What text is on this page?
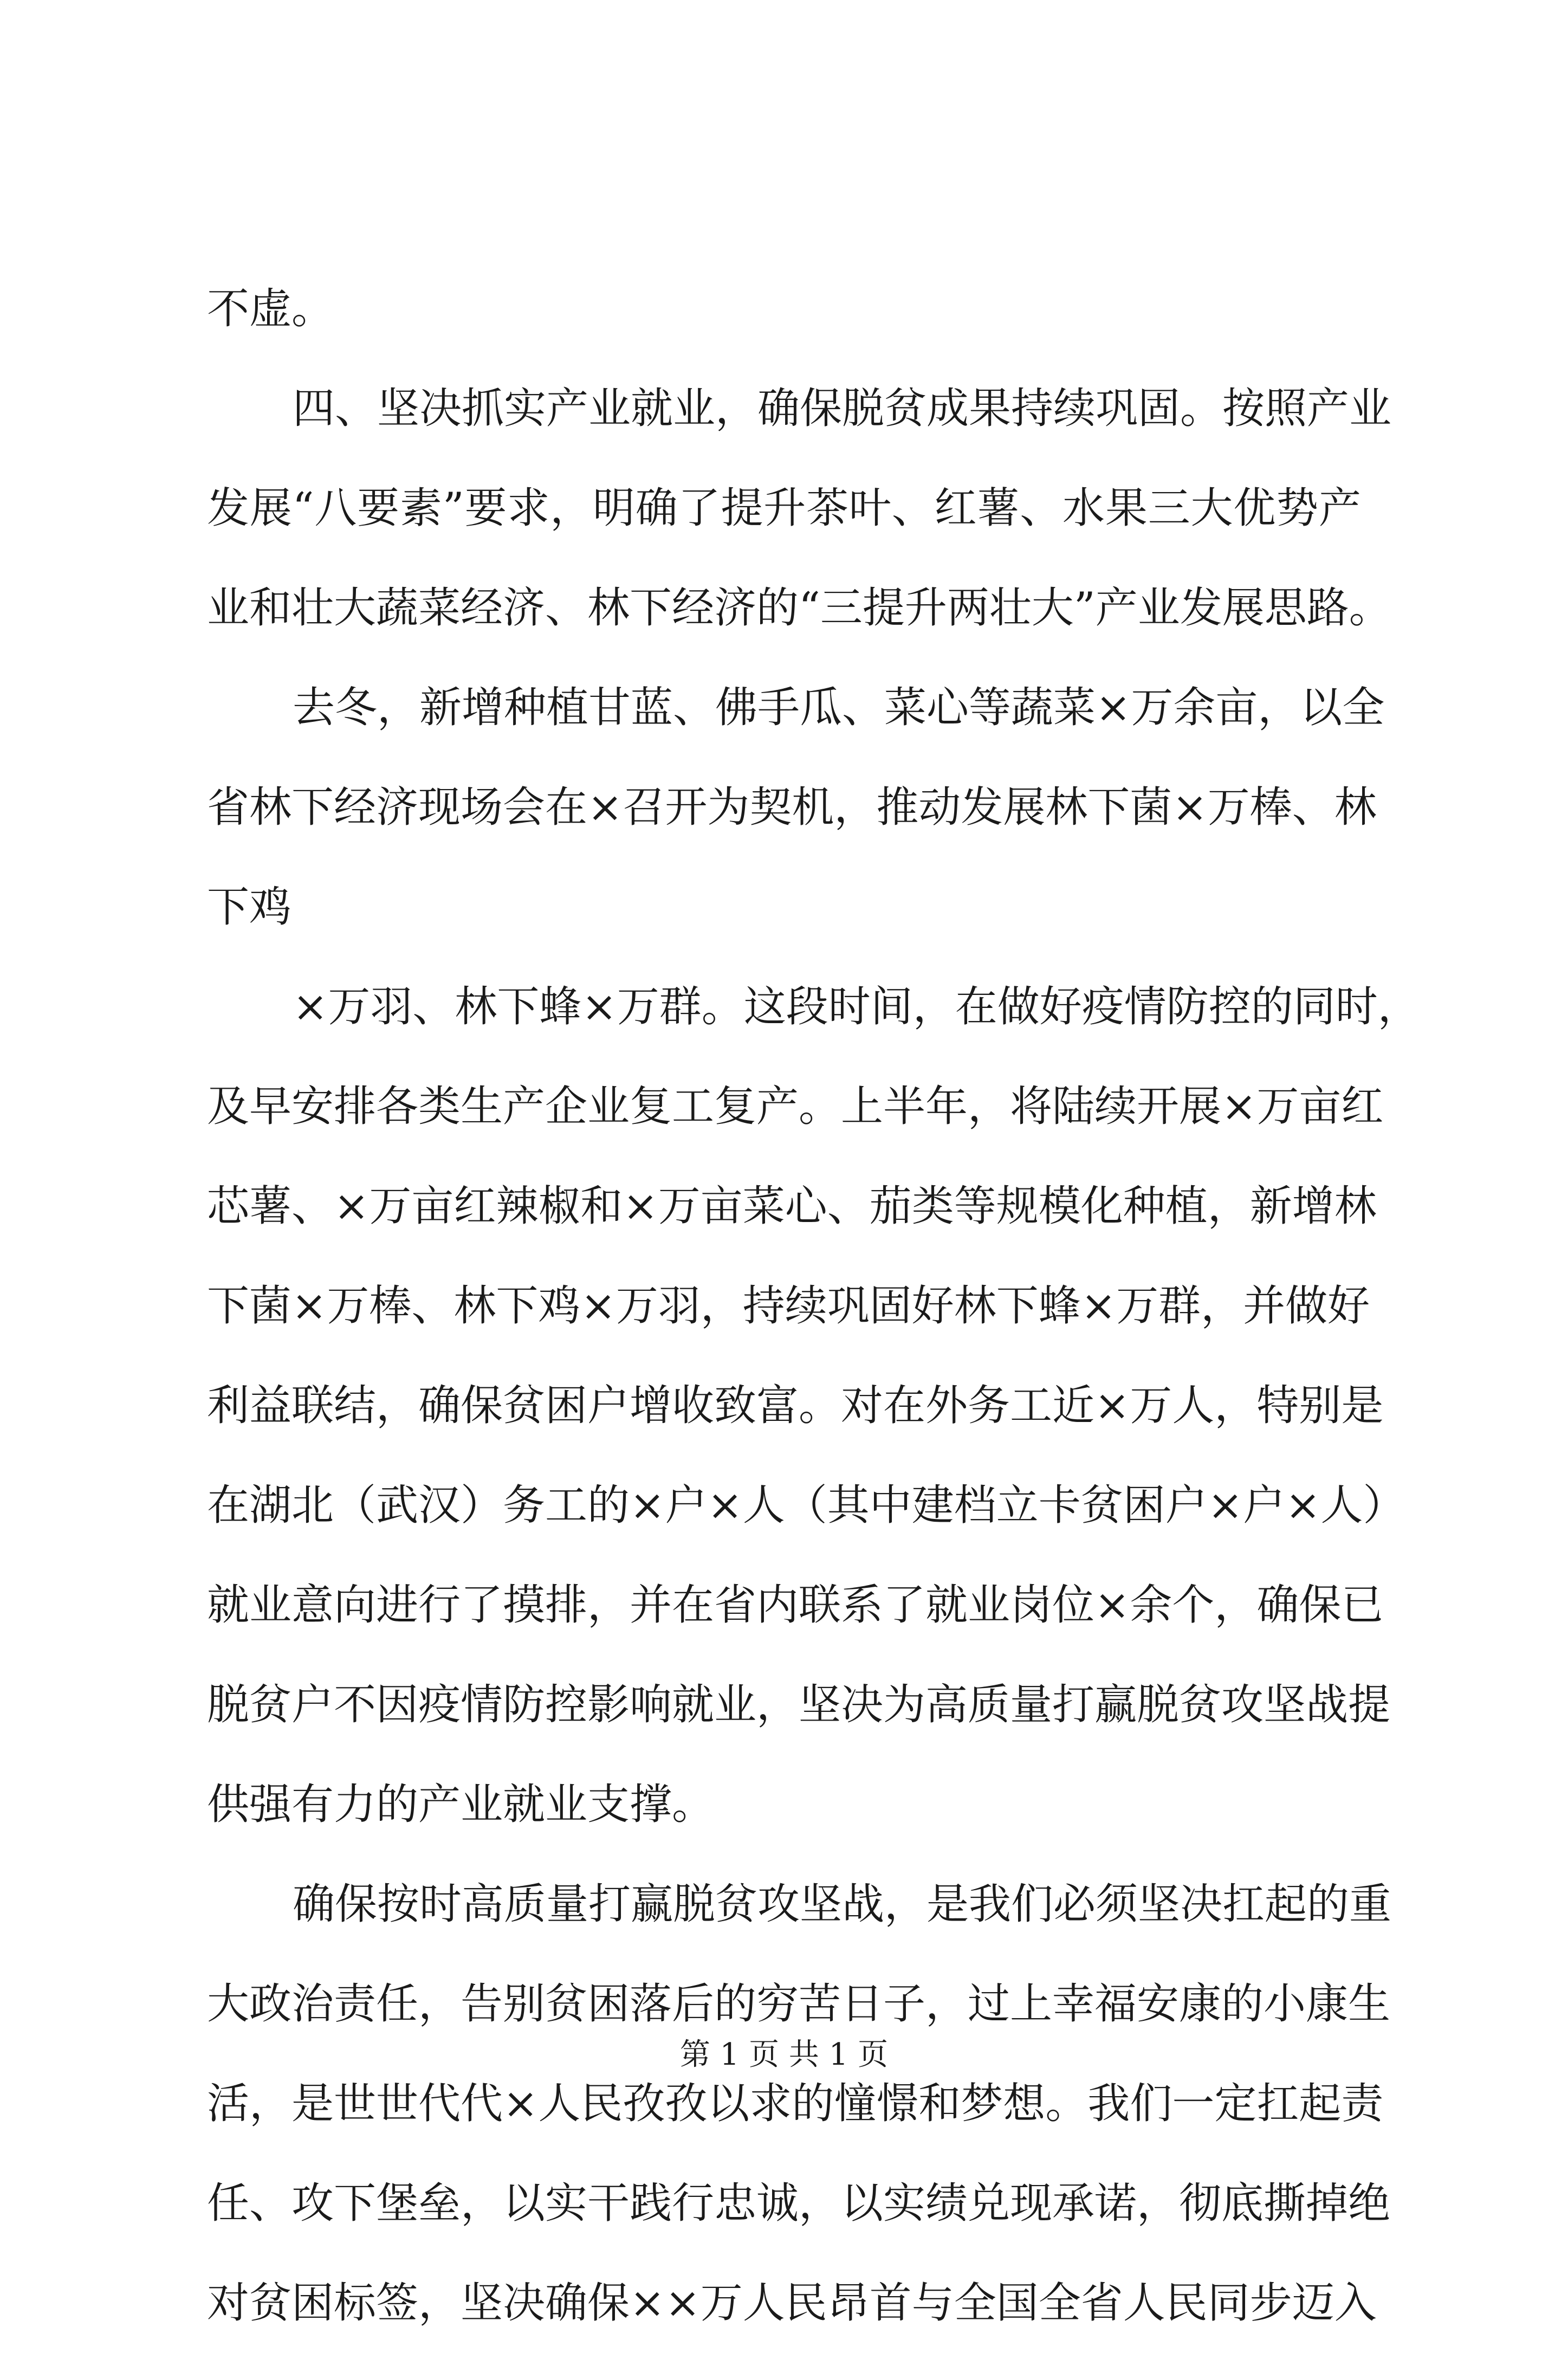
不虚。
四、坚决抓实产业就业，确保脱贫成果持续巩固。按照产业
发展“八要素”要求，明确了提升茶叶、红薯、水果三大优势产
业和壮大蔬菜经济、林下经济的“三提升两壮大”产业发展思路。
去冬，新增种植甘蓝、佛手瓜、菜心等蔬菜×万余亩，以全
省林下经济现场会在×召开为契机，推动发展林下菌×万棒、林
下鸡
×万羽、林下蜂×万群。这段时间，在做好疫情防控的同时，
及早安排各类生产企业复工复产。上半年，将陆续开展×万亩红
芯薯、×万亩红辣椒和×万亩菜心、茄类等规模化种植，新增林
下菌×万棒、林下鸡×万羽，持续巩固好林下蜂×万群，并做好
利益联结，确保贫困户增收致富。对在外务工近×万人，特别是
在湖北（武汉）务工的×户×人（其中建档立卡贫困户×户×人）
就业意向进行了摸排，并在省内联系了就业岗位×余个，确保已
脱贫户不因疫情防控影响就业，坚决为高质量打赢脱贫攻坚战提
供强有力的产业就业支撑。
确保按时高质量打赢脱贫攻坚战，是我们必须坚决扛起的重
大政治责任，告别贫困落后的穷苦日子，过上幸福安康的小康生
活，是世世代代×人民孜孜以求的憧憬和梦想。我们一定扛起责
任、攻下堡垒，以实干践行忠诚，以实绩兑现承诺，彻底撕掉绝
对贫困标签，坚决确保××万人民昂首与全国全省人民同步迈入
第 1 页 共 1 页
